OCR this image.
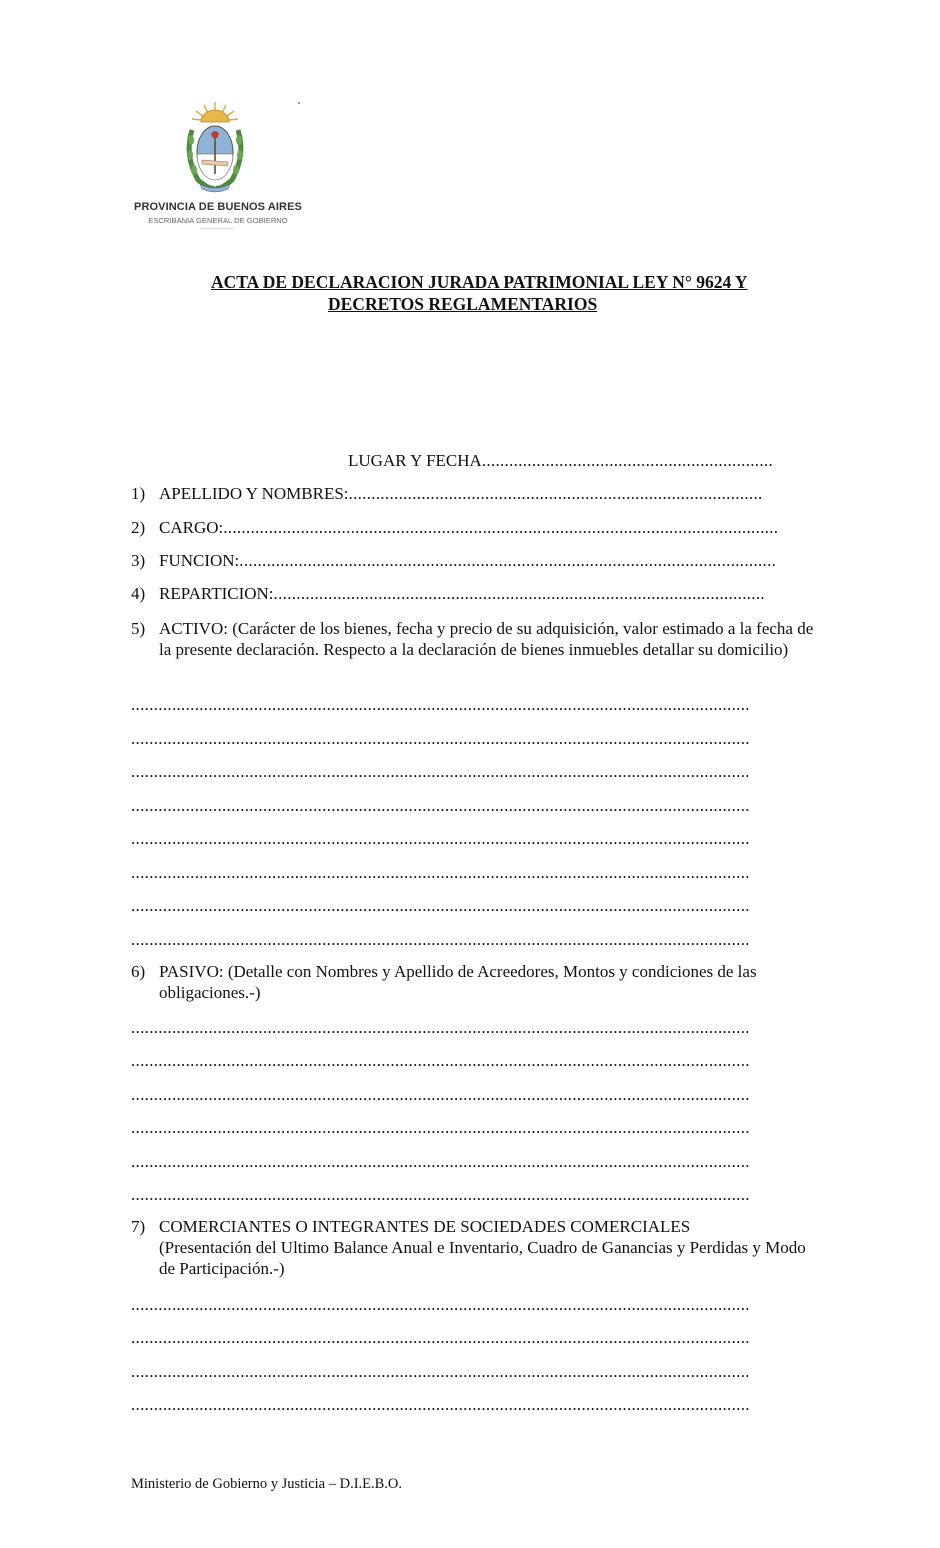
PROVINCIA DE BUENOS AIRES
ESCRIBANIA GENERAL DE GOBIERNO
ACTA DE DECLARACION JURADA PATRIMONIAL LEY N° 9624 Y
DECRETOS REGLAMENTARIOS
LUGAR Y FECHA................................................................
1) APELLIDO Y NOMBRES:...........................................................................................
2) CARGO:..........................................................................................................................
3) FUNCION:......................................................................................................................
4) REPARTICION:............................................................................................................
5) ACTIVO: (Carácter de los bienes, fecha y precio de su adquisición, valor estimado a la fecha de la presente declaración. Respecto a la declaración de bienes inmuebles detallar su domicilio)
........................................................................................................................................
........................................................................................................................................
........................................................................................................................................
........................................................................................................................................
........................................................................................................................................
........................................................................................................................................
........................................................................................................................................
........................................................................................................................................
6) PASIVO: (Detalle con Nombres y Apellido de Acreedores, Montos y condiciones de las obligaciones.-)
........................................................................................................................................
........................................................................................................................................
........................................................................................................................................
........................................................................................................................................
........................................................................................................................................
........................................................................................................................................
7) COMERCIANTES O INTEGRANTES DE SOCIEDADES COMERCIALES
(Presentación del Ultimo Balance Anual e Inventario, Cuadro de Ganancias y Perdidas y Modo de Participación.-)
........................................................................................................................................
........................................................................................................................................
........................................................................................................................................
........................................................................................................................................
Ministerio de Gobierno y Justicia – D.I.E.B.O.
